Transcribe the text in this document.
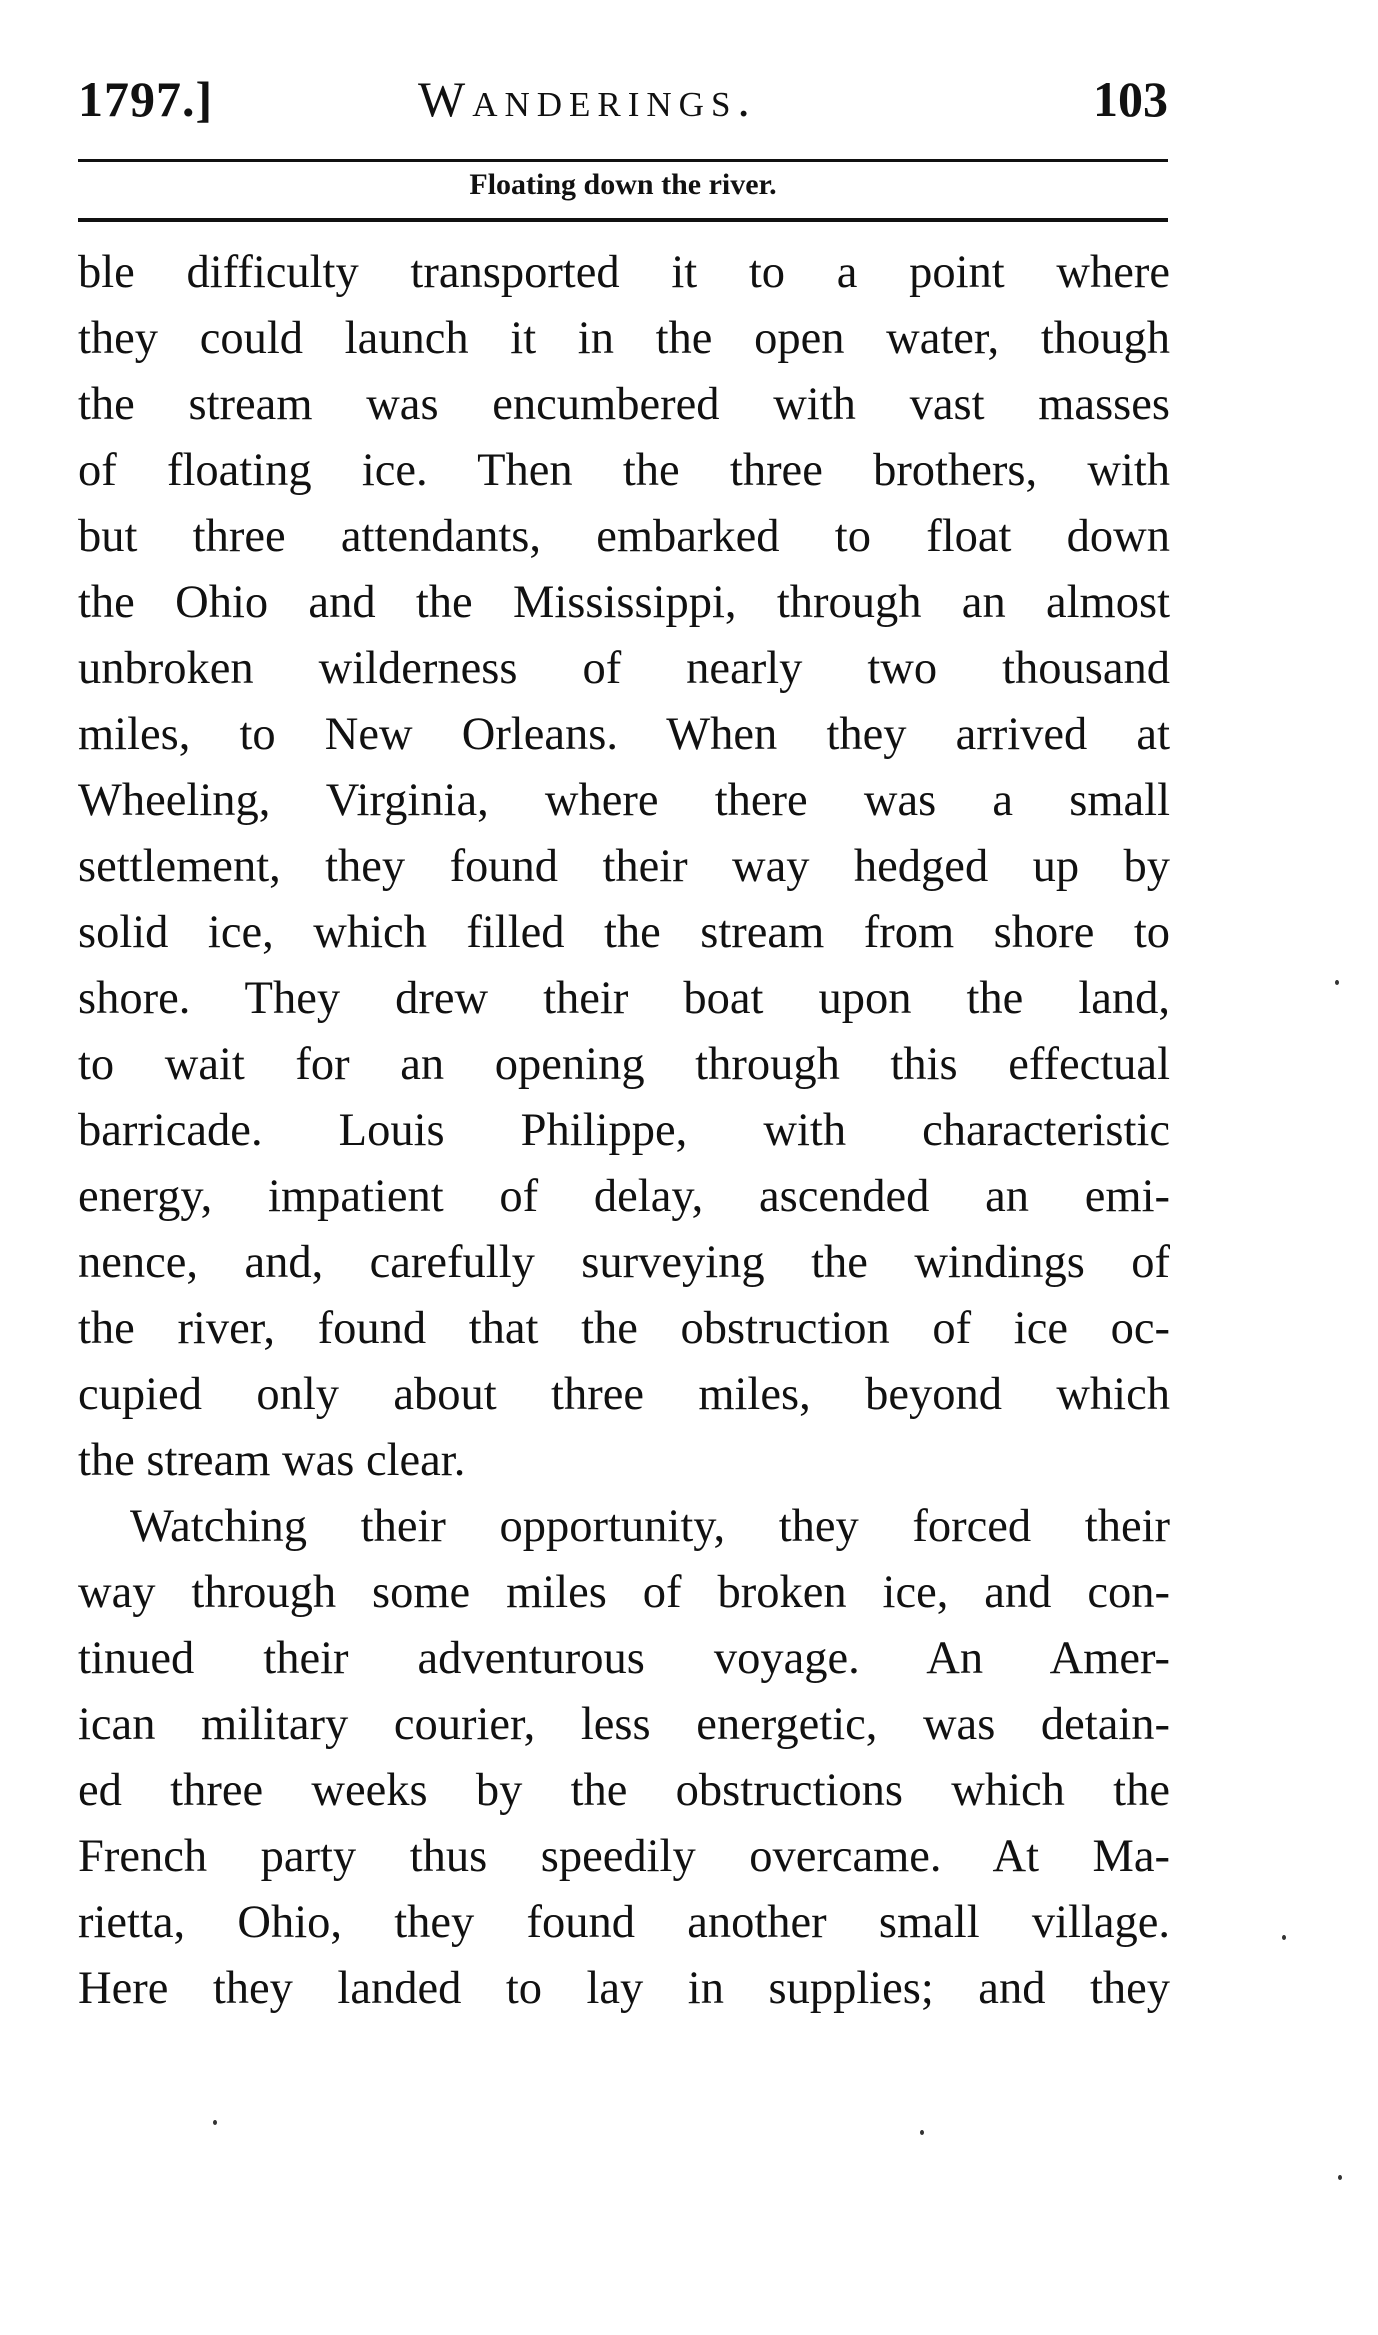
1797.]	Wanderings.	103
Floating down the river.
ble difficulty transported it to a point where
they could launch it in the open water, though
the stream was encumbered with vast masses
of floating ice. Then the three brothers, with
but three attendants, embarked to float down
the Ohio and the Mississippi, through an almost
unbroken wilderness of nearly two thousand
miles, to New Orleans. When they arrived at
Wheeling, Virginia, where there was a small
settlement, they found their way hedged up by
solid ice, which filled the stream from shore to
shore. They drew their boat upon the land,
to wait for an opening through this effectual
barricade. Louis Philippe, with characteristic
energy, impatient of delay, ascended an emi-
nence, and, carefully surveying the windings of
the river, found that the obstruction of ice oc-
cupied only about three miles, beyond which
the stream was clear.
Watching their opportunity, they forced their
way through some miles of broken ice, and con-
tinued their adventurous voyage. An Amer-
ican military courier, less energetic, was detain-
ed three weeks by the obstructions which the
French party thus speedily overcame. At Ma-
rietta, Ohio, they found another small village.
Here they landed to lay in supplies; and they
